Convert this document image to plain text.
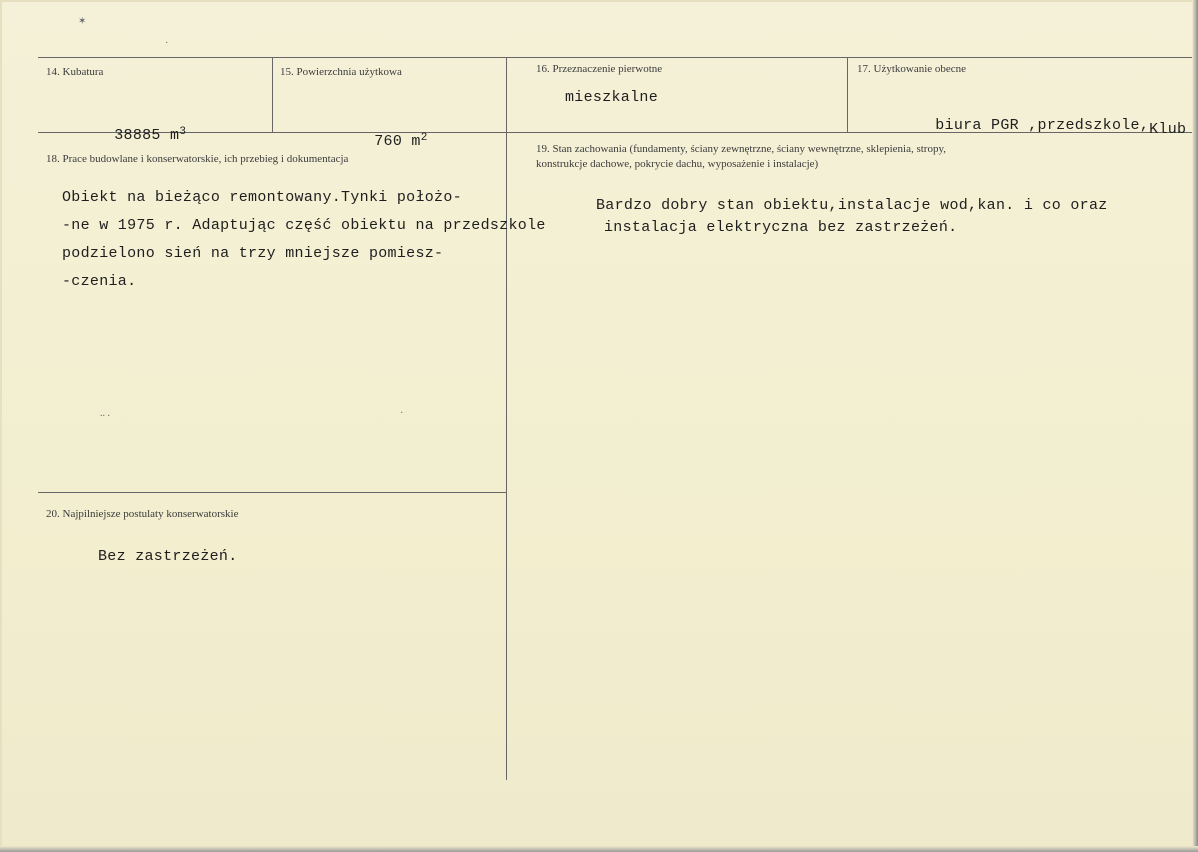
14. Kubatura

38885 $m^3$

15. Powierzchnia użytkowa

760 $m^2$

16. Przeznaczenie pierwotne
mieszkalne
17. Użytkowanie obecne

biura PGR ,przedszkole,Klub

18. Prace budowlane i konserwatorskie, ich przebieg i dokumentacja
Obiekt na bieżąco remontowany.Tynki położo-
-ne w 1975 r. Adaptując część obiektu na przedszkole
podzielono sień na trzy mniejsze pomiesz-
-czenia.
19. Stan zachowania (fundamenty, ściany zewnętrzne, ściany wewnętrzne, sklepienia, stropy,
konstrukcje dachowe, pokrycie dachu, wyposażenie i instalacje)
Bardzo dobry stan obiektu,instalacje wod,kan. i co oraz
instalacja elektryczna bez zastrzeżeń.
20. Najpilniejsze postulaty konserwatorskie
Bez zastrzeżeń.
✶
·
.. .	·
